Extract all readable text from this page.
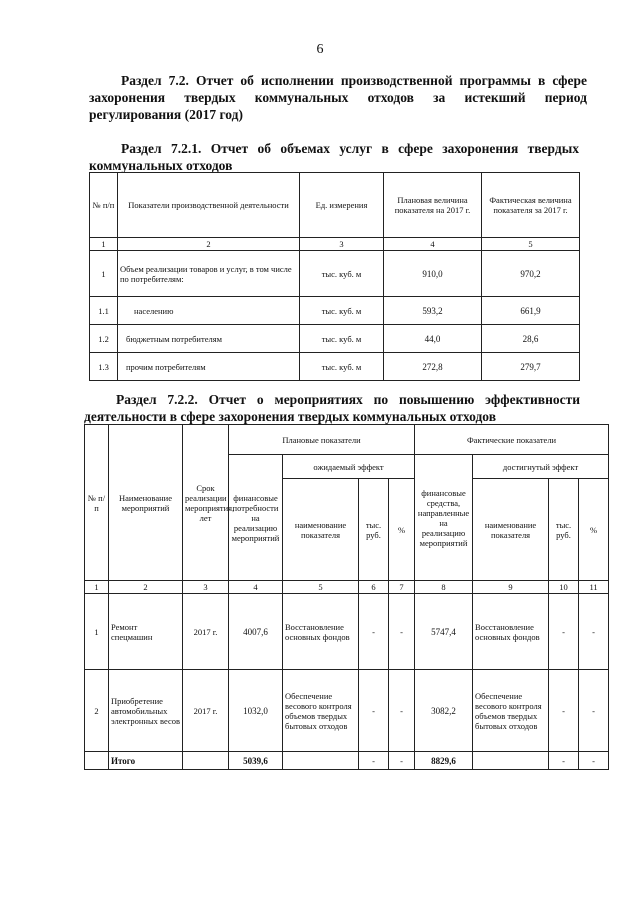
6
Раздел 7.2. Отчет об исполнении производственной программы в сфере захоронения твердых коммунальных отходов за истекший период регулирования (2017 год)
Раздел 7.2.1. Отчет об объемах услуг в сфере захоронения твердых коммунальных отходов
№ п/п	Показатели производственной деятельности	Ед. измерения	Плановая величина показателя на 2017 г.	Фактическая величина показателя за 2017 г.
1	2	3	4	5
1	Объем реализации товаров и услуг, в том числе по потребителям:	тыс. куб. м	910,0	970,2
1.1	населению	тыс. куб. м	593,2	661,9
1.2	бюджетным потребителям	тыс. куб. м	44,0	28,6
1.3	прочим потребителям	тыс. куб. м	272,8	279,7
Раздел 7.2.2. Отчет о мероприятиях по повышению эффективности деятельности в сфере захоронения твердых коммунальных отходов
№ п/п	Наименование мероприятий	Срок реализации мероприятия, лет	Плановые показатели				Фактические показатели			
			финансовые потребности на реализацию мероприятий	ожидаемый эффект			финансовые средства, направленные на реализацию мероприятий	достигнутый эффект		
				наименование показателя	тыс. руб.	%		наименование показателя	тыс. руб.	%
1	2	3	4	5	6	7	8	9	10	11
1	Ремонт спецмашин	2017 г.	4007,6	Восстановление основных фондов	-	-	5747,4	Восстановление основных фондов	-	-
2	Приобретение автомобильных электронных весов	2017 г.	1032,0	Обеспечение весового контроля объемов твердых бытовых отходов	-	-	3082,2	Обеспечение весового контроля объемов твердых бытовых отходов	-	-
	Итого		5039,6		-	-	8829,6		-	-
